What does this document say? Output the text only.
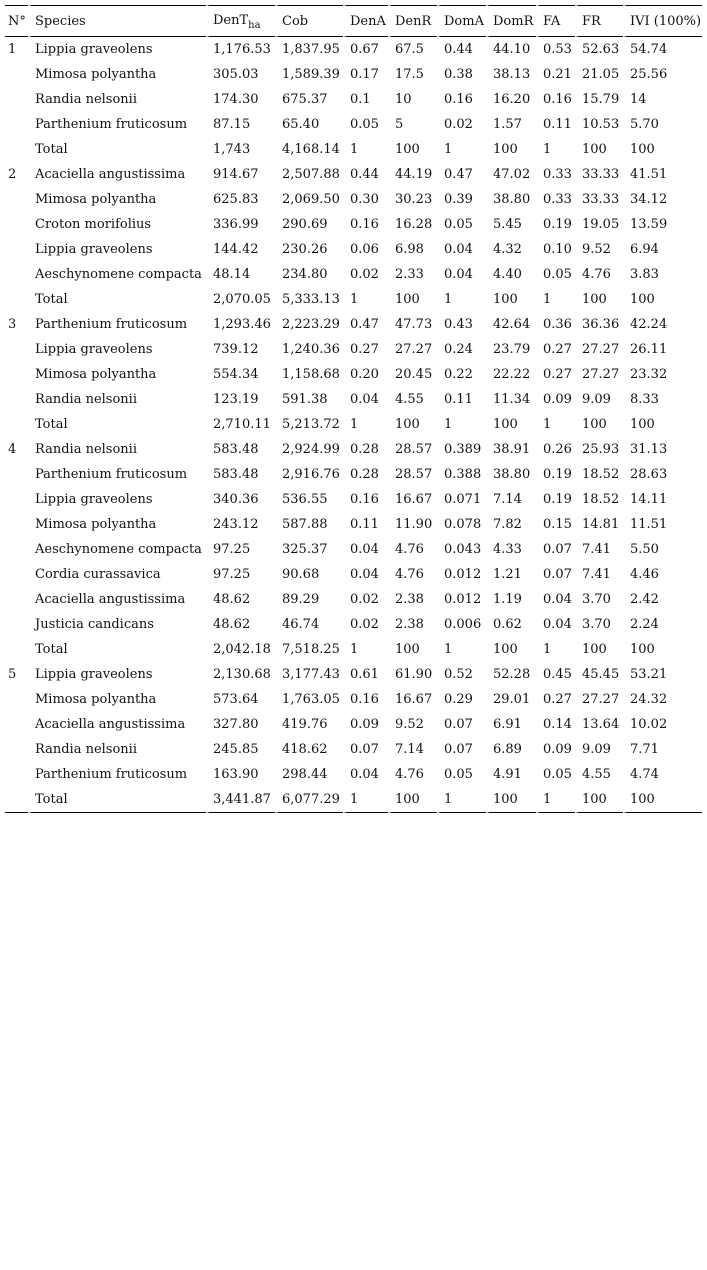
N°	Species	DenT$_{ha}$	Cob	DenA	DenR	DomA	DomR	FA	FR	IVI (100%)
1	Lippia graveolens	1,176.53	1,837.95	0.67	67.5	0.44	44.10	0.53	52.63	54.74
	Mimosa polyantha	305.03	1,589.39	0.17	17.5	0.38	38.13	0.21	21.05	25.56
	Randia nelsonii	174.30	675.37	0.1	10	0.16	16.20	0.16	15.79	14
	Parthenium fruticosum	87.15	65.40	0.05	5	0.02	1.57	0.11	10.53	5.70
	Total	1,743	4,168.14	1	100	1	100	1	100	100
2	Acaciella angustissima	914.67	2,507.88	0.44	44.19	0.47	47.02	0.33	33.33	41.51
	Mimosa polyantha	625.83	2,069.50	0.30	30.23	0.39	38.80	0.33	33.33	34.12
	Croton morifolius	336.99	290.69	0.16	16.28	0.05	5.45	0.19	19.05	13.59
	Lippia graveolens	144.42	230.26	0.06	6.98	0.04	4.32	0.10	9.52	6.94
	Aeschynomene compacta	48.14	234.80	0.02	2.33	0.04	4.40	0.05	4.76	3.83
	Total	2,070.05	5,333.13	1	100	1	100	1	100	100
3	Parthenium fruticosum	1,293.46	2,223.29	0.47	47.73	0.43	42.64	0.36	36.36	42.24
	Lippia graveolens	739.12	1,240.36	0.27	27.27	0.24	23.79	0.27	27.27	26.11
	Mimosa polyantha	554.34	1,158.68	0.20	20.45	0.22	22.22	0.27	27.27	23.32
	Randia nelsonii	123.19	591.38	0.04	4.55	0.11	11.34	0.09	9.09	8.33
	Total	2,710.11	5,213.72	1	100	1	100	1	100	100
4	Randia nelsonii	583.48	2,924.99	0.28	28.57	0.389	38.91	0.26	25.93	31.13
	Parthenium fruticosum	583.48	2,916.76	0.28	28.57	0.388	38.80	0.19	18.52	28.63
	Lippia graveolens	340.36	536.55	0.16	16.67	0.071	7.14	0.19	18.52	14.11
	Mimosa polyantha	243.12	587.88	0.11	11.90	0.078	7.82	0.15	14.81	11.51
	Aeschynomene compacta	97.25	325.37	0.04	4.76	0.043	4.33	0.07	7.41	5.50
	Cordia curassavica	97.25	90.68	0.04	4.76	0.012	1.21	0.07	7.41	4.46
	Acaciella angustissima	48.62	89.29	0.02	2.38	0.012	1.19	0.04	3.70	2.42
	Justicia candicans	48.62	46.74	0.02	2.38	0.006	0.62	0.04	3.70	2.24
	Total	2,042.18	7,518.25	1	100	1	100	1	100	100
5	Lippia graveolens	2,130.68	3,177.43	0.61	61.90	0.52	52.28	0.45	45.45	53.21
	Mimosa polyantha	573.64	1,763.05	0.16	16.67	0.29	29.01	0.27	27.27	24.32
	Acaciella angustissima	327.80	419.76	0.09	9.52	0.07	6.91	0.14	13.64	10.02
	Randia nelsonii	245.85	418.62	0.07	7.14	0.07	6.89	0.09	9.09	7.71
	Parthenium fruticosum	163.90	298.44	0.04	4.76	0.05	4.91	0.05	4.55	4.74
	Total	3,441.87	6,077.29	1	100	1	100	1	100	100
